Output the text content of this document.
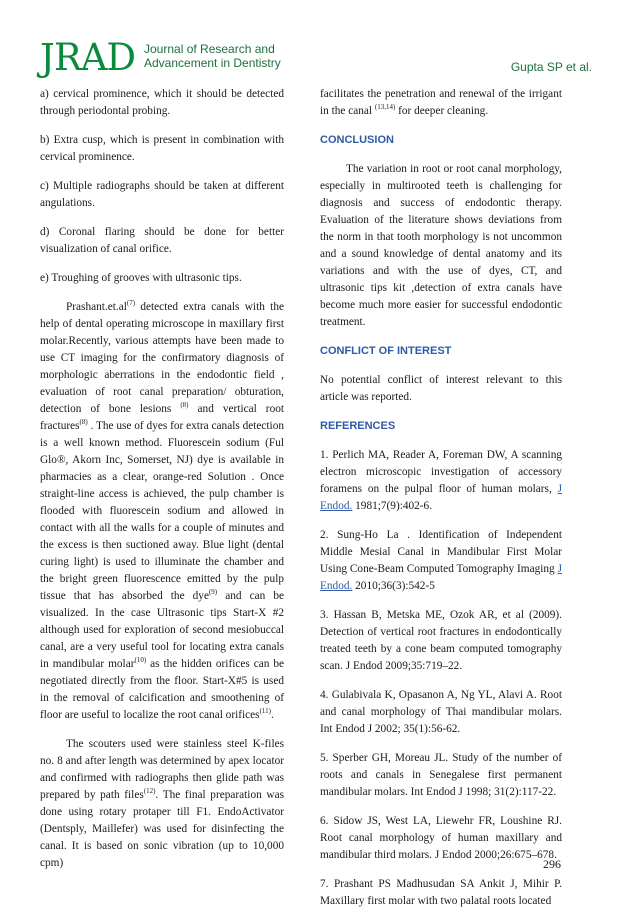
JRAD Journal of Research and
Advancement in Dentistry	Gupta SP et al.

a) cervical prominence, which it should be detected through periodontal probing.

b) Extra cusp, which is present in combination with cervical prominence.

c) Multiple radiographs should be taken at different angulations.

d) Coronal flaring should be done for better visualization of canal orifice.

e) Troughing of grooves with ultrasonic tips.

$Prashant.et.al^{(7)}$ detected extra canals with the help of dental operating microscope in maxillary first molar.Recently, various attempts have been made to use CT imaging for the confirmatory diagnosis of morphologic aberrations in the endodontic field , evaluation of root canal preparation/ obturation, detection of bone lesions $^{(8)}$ and vertical root fractures$^{(8)}$ . The use of dyes for extra canals detection is a well known method. Fluorescein sodium (Ful Glo®, Akorn Inc, Somerset, NJ) dye is available in pharmacies as a clear, orange-red Solution . Once straight-line access is achieved, the pulp chamber is flooded with fluorescein sodium and allowed in contact with all the walls for a couple of minutes and the excess is then suctioned away. Blue light (dental curing light) is used to illuminate the chamber and the bright green fluorescence emitted by the pulp tissue that has absorbed the dye$^{(9)}$ and can be visualized. In the case Ultrasonic tips Start-X #2 although used for exploration of second mesiobuccal canal, are a very useful tool for locating extra canals in mandibular molar$^{(10)}$ as the hidden orifices can be negotiated directly from the floor. Start-X#5 is used in the removal of calcification and smoothening of floor are useful to localize the root canal orifices$^{(11)}$.

The scouters used were stainless steel K-files no. 8 and after length was determined by apex locator and confirmed with radiographs then glide path was prepared by path files$^{(12)}$. The final preparation was done using rotary protaper till F1. EndoActivator (Dentsply, Maillefer) was used for disinfecting the canal. It is based on sonic vibration (up to 10,000 cpm)

facilitates the penetration and renewal of the irrigant in the canal $^{(13,14)}$ for deeper cleaning.

CONCLUSION

The variation in root or root canal morphology, especially in multirooted teeth is challenging for diagnosis and success of endodontic therapy. Evaluation of the literature shows deviations from the norm in that tooth morphology is not uncommon and a sound knowledge of dental anatomy and its variations and with the use of dyes, CT, and ultrasonic tips kit ,detection of extra canals have become much more easier for successful endodontic treatment.

CONFLICT OF INTEREST

No potential conflict of interest relevant to this article was reported.

REFERENCES

1. Perlich MA, Reader A, Foreman DW, A scanning electron microscopic investigation of accessory foramens on the pulpal floor of human molars, J Endod. 1981;7(9):402-6.

2. Sung-Ho La . Identification of Independent Middle Mesial Canal in Mandibular First Molar Using Cone-Beam Computed Tomography Imaging J Endod. 2010;36(3):542-5

3. Hassan B, Metska ME, Ozok AR, et al (2009). Detection of vertical root fractures in endodontically treated teeth by a cone beam computed tomography scan. J Endod 2009;35:719–22.

4. Gulabivala K, Opasanon A, Ng YL, Alavi A. Root and canal morphology of Thai mandibular molars. Int Endod J 2002; 35(1):56-62.

5. Sperber GH, Moreau JL. Study of the number of roots and canals in Senegalese first permanent mandibular molars. Int Endod J 1998; 31(2):117-22.

6. Sidow JS, West LA, Liewehr FR, Loushine RJ. Root canal morphology of human maxillary and mandibular third molars. J Endod 2000;26:675–678.

7. Prashant PS Madhusudan SA Ankit J, Mihir P. Maxillary first molar with two palatal roots located

296
